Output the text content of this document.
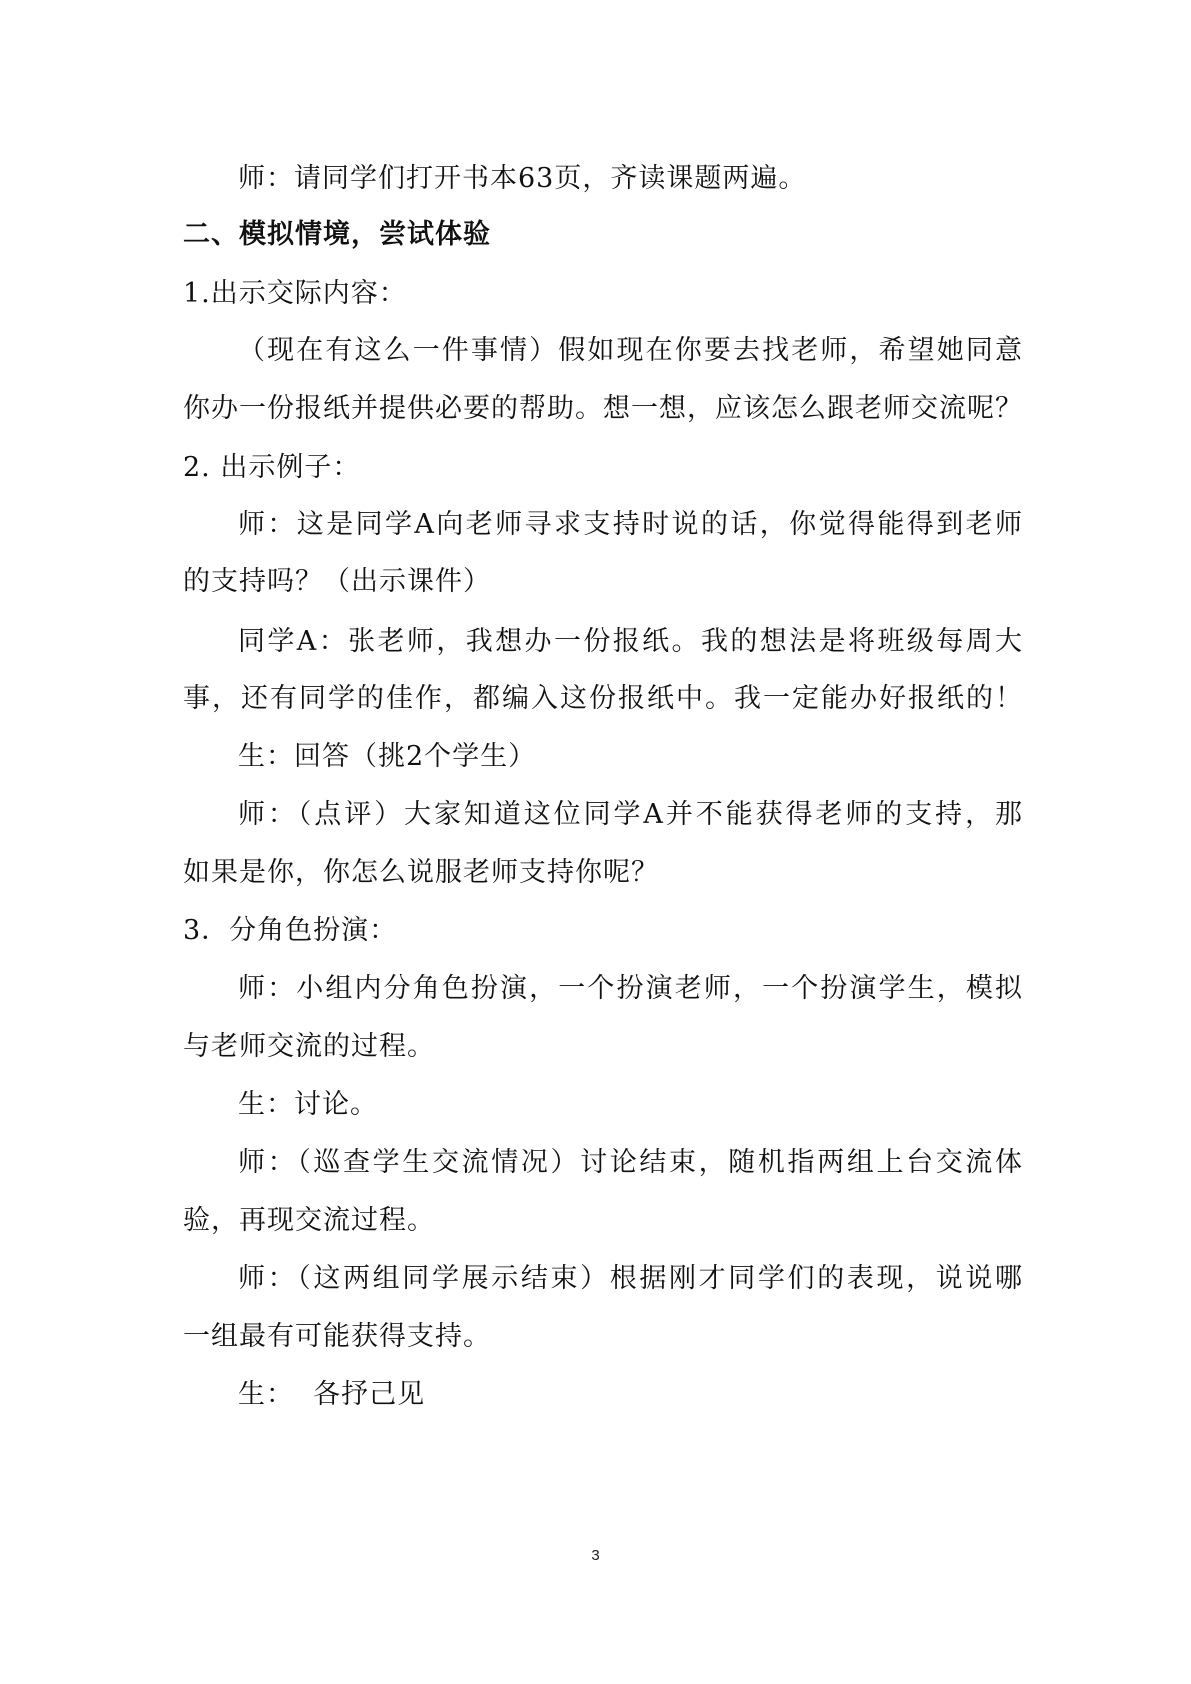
师：请同学们打开书本63页，齐读课题两遍。
二、模拟情境，尝试体验
1.出示交际内容：
（现在有这么一件事情）假如现在你要去找老师，希望她同意
你办一份报纸并提供必要的帮助。想一想，应该怎么跟老师交流呢？
2. 出示例子：
师：这是同学A向老师寻求支持时说的话，你觉得能得到老师
的支持吗？（出示课件）
同学A：张老师，我想办一份报纸。我的想法是将班级每周大
事，还有同学的佳作，都编入这份报纸中。我一定能办好报纸的！
生：回答（挑2个学生）
师：（点评）大家知道这位同学A并不能获得老师的支持，那
如果是你，你怎么说服老师支持你呢？
3．分角色扮演：
师：小组内分角色扮演，一个扮演老师，一个扮演学生，模拟
与老师交流的过程。
生：讨论。
师：（巡查学生交流情况）讨论结束，随机指两组上台交流体
验，再现交流过程。
师：（这两组同学展示结束）根据刚才同学们的表现，说说哪
一组最有可能获得支持。
生：  各抒己见
3
